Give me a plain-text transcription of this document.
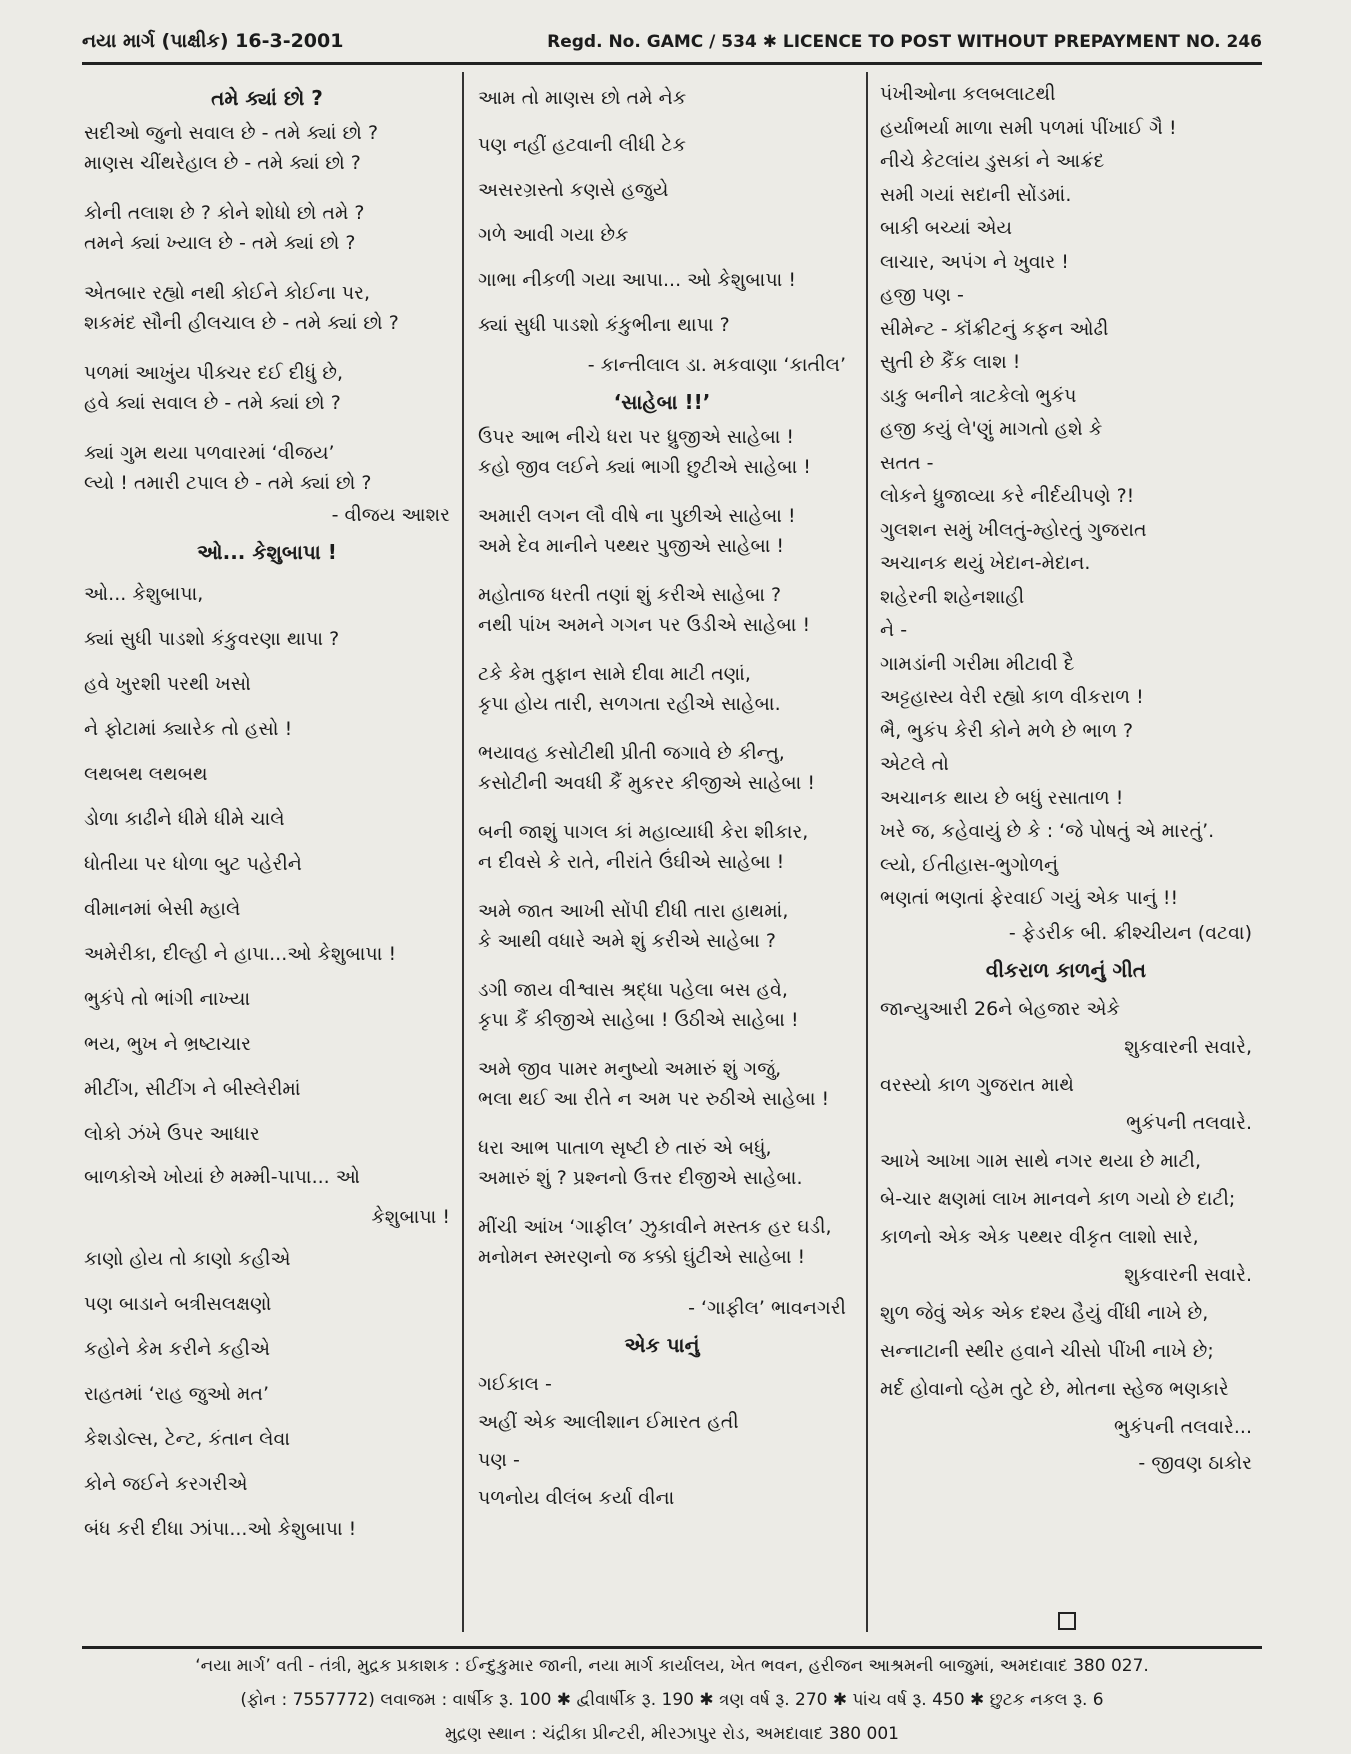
નયા માર્ગ (પાક્ષીક) 16-3-2001	Regd. No. GAMC / 534 ✱ LICENCE TO POST WITHOUT PREPAYMENT NO. 246
તમે ક્યાં છો ?
સદીઓ જુનો સવાલ છે - તમે ક્યાં છો ?
માણસ ચીંથરેહાલ છે - તમે ક્યાં છો ?
કોની તલાશ છે ? કોને શોધો છો તમે ?
તમને ક્યાં ખ્યાલ છે - તમે ક્યાં છો ?
એતબાર રહ્યો નથી કોઈને કોઈના પર,
શકમંદ સૌની હીલચાલ છે - તમે ક્યાં છો ?
પળમાં આખુંય પીક્ચર દઈ દીધું છે,
હવે ક્યાં સવાલ છે - તમે ક્યાં છો ?
ક્યાં ગુમ થયા પળવારમાં ‘વીજય’
લ્યો ! તમારી ટપાલ છે - તમે ક્યાં છો ?
- વીજય આશર
ઓ... કેશુબાપા !
ઓ... કેશુબાપા,
ક્યાં સુધી પાડશો કંકુવરણા થાપા ?
હવે ખુરશી પરથી ખસો
ને ફોટામાં ક્યારેક તો હસો !
લથબથ લથબથ
ડોળા કાઢીને ધીમે ધીમે ચાલે
ધોતીયા પર ધોળા બુટ પહેરીને
વીમાનમાં બેસી મ્હાલે
અમેરીકા, દીલ્હી ને હાપા...ઓ કેશુબાપા !
ભુકંપે તો ભાંગી નાખ્યા
ભય, ભુખ ને ભ્રષ્ટાચાર
મીટીંગ, સીટીંગ ને બીસ્લેરીમાં
લોકો ઝંખે ઉપર આધાર
બાળકોએ ખોયાં છે મમ્મી-પાપા... ઓ
કેશુબાપા !
કાણો હોય તો કાણો કહીએ
પણ બાડાને બત્રીસલક્ષણો
કહોને કેમ કરીને કહીએ
રાહતમાં ‘રાહ જુઓ મત’
કેશડોલ્સ, ટેન્ટ, કંતાન લેવા
કોને જઈને કરગરીએ
બંધ કરી દીધા ઝાંપા...ઓ કેશુબાપા !
આમ તો માણસ છો તમે નેક
પણ નહીં હટવાની લીધી ટેક
અસરગ્રસ્તો કણસે હજુયે
ગળે આવી ગયા છેક
ગાભા નીકળી ગયા આપા... ઓ કેશુબાપા !
ક્યાં સુધી પાડશો કંકુભીના થાપા ?
- કાન્તીલાલ ડા. મકવાણા ‘કાતીલ’
‘સાહેબા !!’
ઉપર આભ નીચે ધરા પર ધ્રુજીએ સાહેબા !
કહો જીવ લઈને ક્યાં ભાગી છુટીએ સાહેબા !
અમારી લગન લૌ વીષે ના પુછીએ સાહેબા !
અમે દેવ માનીને પથ્થર પુજીએ સાહેબા !
મહોતાજ ધરતી તણાં શું કરીએ સાહેબા ?
નથી પાંખ અમને ગગન પર ઉડીએ સાહેબા !
ટકે કેમ તુફાન સામે દીવા માટી તણાં,
કૃપા હોય તારી, સળગતા રહીએ સાહેબા.
ભયાવહ કસોટીથી પ્રીતી જગાવે છે કીન્તુ,
કસોટીની અવધી કૈં મુકરર કીજીએ સાહેબા !
બની જાશું પાગલ કાં મહાવ્યાધી કેરા શીકાર,
ન દીવસે કે રાતે, નીરાંતે ઉંઘીએ સાહેબા !
અમે જાત આખી સોંપી દીધી તારા હાથમાં,
કે આથી વધારે અમે શું કરીએ સાહેબા ?
ડગી જાય વીશ્વાસ શ્રદ્ધા પહેલા બસ હવે,
કૃપા કૈં કીજીએ સાહેબા ! ઉઠીએ સાહેબા !
અમે જીવ પામર મનુષ્યો અમારું શું ગજું,
ભલા થઈ આ રીતે ન અમ પર રુઠીએ સાહેબા !
ધરા આભ પાતાળ સૃષ્ટી છે તારું એ બધું,
અમારું શું ? પ્રશ્નનો ઉત્તર દીજીએ સાહેબા.
મીંચી આંખ ‘ગાફીલ’ ઝુકાવીને મસ્તક હર ઘડી,
મનોમન સ્મરણનો જ કક્કો ઘુંટીએ સાહેબા !
- ‘ગાફીલ’ ભાવનગરી
એક પાનું
ગઈકાલ -
અહીં એક આલીશાન ઈમારત હતી
પણ -
પળનોય વીલંબ કર્યા વીના
પંખીઓના કલબલાટથી
હર્યાભર્યા માળા સમી પળમાં પીંખાઈ ગૈ !
નીચે કેટલાંય ડુસકાં ને આક્રંદ
સમી ગયાં સદાની સોંડમાં.
બાકી બચ્યાં એય
લાચાર, અપંગ ને ખુવાર !
હજી પણ -
સીમેન્ટ - કૉંક્રીટનું કફન ઓઢી
સુતી છે કૈંક લાશ !
ડાકુ બનીને ત્રાટકેલો ભુકંપ
હજી કયું લે'ણું માગતો હશે કે
સતત -
લોકને ધ્રુજાવ્યા કરે નીર્દયીપણે ?!
ગુલશન સમું ખીલતું-મ્હોરતું ગુજરાત
અચાનક થયું ખેદાન-મેદાન.
શહેરની શહેનશાહી
ને -
ગામડાંની ગરીમા મીટાવી દૈ
અટ્ટહાસ્ય વેરી રહ્યો કાળ વીકરાળ !
ભૈ, ભુકંપ કેરી કોને મળે છે ભાળ ?
એટલે તો
અચાનક થાય છે બધું રસાતાળ !
ખરે જ, કહેવાયું છે કે : ‘જે પોષતું એ મારતું’.
લ્યો, ઈતીહાસ-ભુગોળનું
ભણતાં ભણતાં ફેરવાઈ ગયું એક પાનું !!
- ફેડરીક બી. ક્રીશ્ચીયન (વટવા)
વીકરાળ કાળનું ગીત
જાન્યુઆરી 26ને બેહજાર એકે
શુકવારની સવારે,
વરસ્યો કાળ ગુજરાત માથે
ભુકંપની તલવારે.
આખે આખા ગામ સાથે નગર થયા છે માટી,
બે-ચાર ક્ષણમાં લાખ માનવને કાળ ગયો છે દાટી;
કાળનો એક એક પથ્થર વીકૃત લાશો સારે,
શુકવારની સવારે.
શુળ જેવું એક એક દશ્ય હૈયું વીંધી નાખે છે,
સન્નાટાની સ્થીર હવાને ચીસો પીંખી નાખે છે;
મર્દ હોવાનો વ્હેમ તુટે છે, મોતના સ્હેજ ભણકારે
ભુકંપની તલવારે...
- જીવણ ઠાકોર
‘નયા માર્ગ’ વતી - તંત્રી, મુદ્રક પ્રકાશક : ઈન્દુકુમાર જાની, નયા માર્ગ કાર્યાલય, ખેત ભવન, હરીજન આશ્રમની બાજુમાં, અમદાવાદ 380 027.
(ફોન : 7557772) લવાજમ : વાર્ષીક રૂ. 100 ✱ દ્વીવાર્ષીક રૂ. 190 ✱ ત્રણ વર્ષ રૂ. 270 ✱ પાંચ વર્ષ રૂ. 450 ✱ છુટક નકલ રૂ. 6
મુદ્રણ સ્થાન : ચંદ્રીકા પ્રીન્ટરી, મીરઝાપુર રોડ, અમદાવાદ 380 001
